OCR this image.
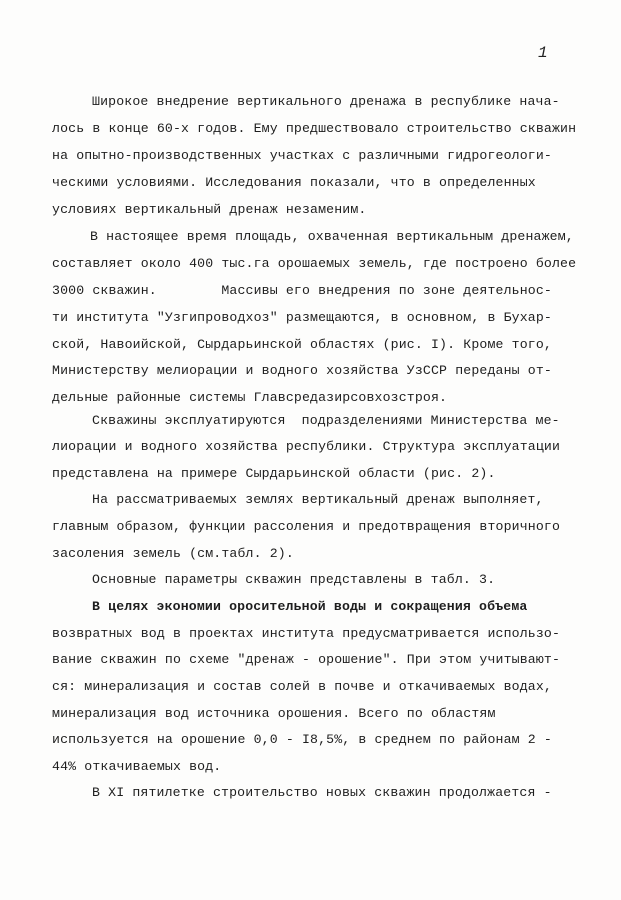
1
Широкое внедрение вертикального дренажа в республике нача-
лось в конце 60-х годов. Ему предшествовало строительство скважин
на опытно-производственных участках с различными гидрогеологи-
ческими условиями. Исследования показали, что в определенных
условиях вертикальный дренаж незаменим.
В настоящее время площадь, охваченная вертикальным дренажем,
составляет около 400 тыс.га орошаемых земель, где построено более
3000 скважин.        Массивы его внедрения по зоне деятельнос-
ти института "Узгипроводхоз" размещаются, в основном, в Бухар-
ской, Навоийской, Сырдарьинской областях (рис. I). Кроме того,
Министерству мелиорации и водного хозяйства УзССР переданы от-
дельные районные системы Главсредазирсовхозстроя.
Скважины эксплуатируются  подразделениями Министерства ме-
лиорации и водного хозяйства республики. Структура эксплуатации
представлена на примере Сырдарьинской области (рис. 2).
На рассматриваемых землях вертикальный дренаж выполняет,
главным образом, функции рассоления и предотвращения вторичного
засоления земель (см.табл. 2).
Основные параметры скважин представлены в табл. 3.
В целях экономии оросительной воды и сокращения объема
возвратных вод в проектах института предусматривается использо-
вание скважин по схеме "дренаж - орошение". При этом учитывают-
ся: минерализация и состав солей в почве и откачиваемых водах,
минерализация вод источника орошения. Всего по областям
используется на орошение 0,0 - I8,5%, в среднем по районам 2 -
44% откачиваемых вод.
В XI пятилетке строительство новых скважин продолжается -
